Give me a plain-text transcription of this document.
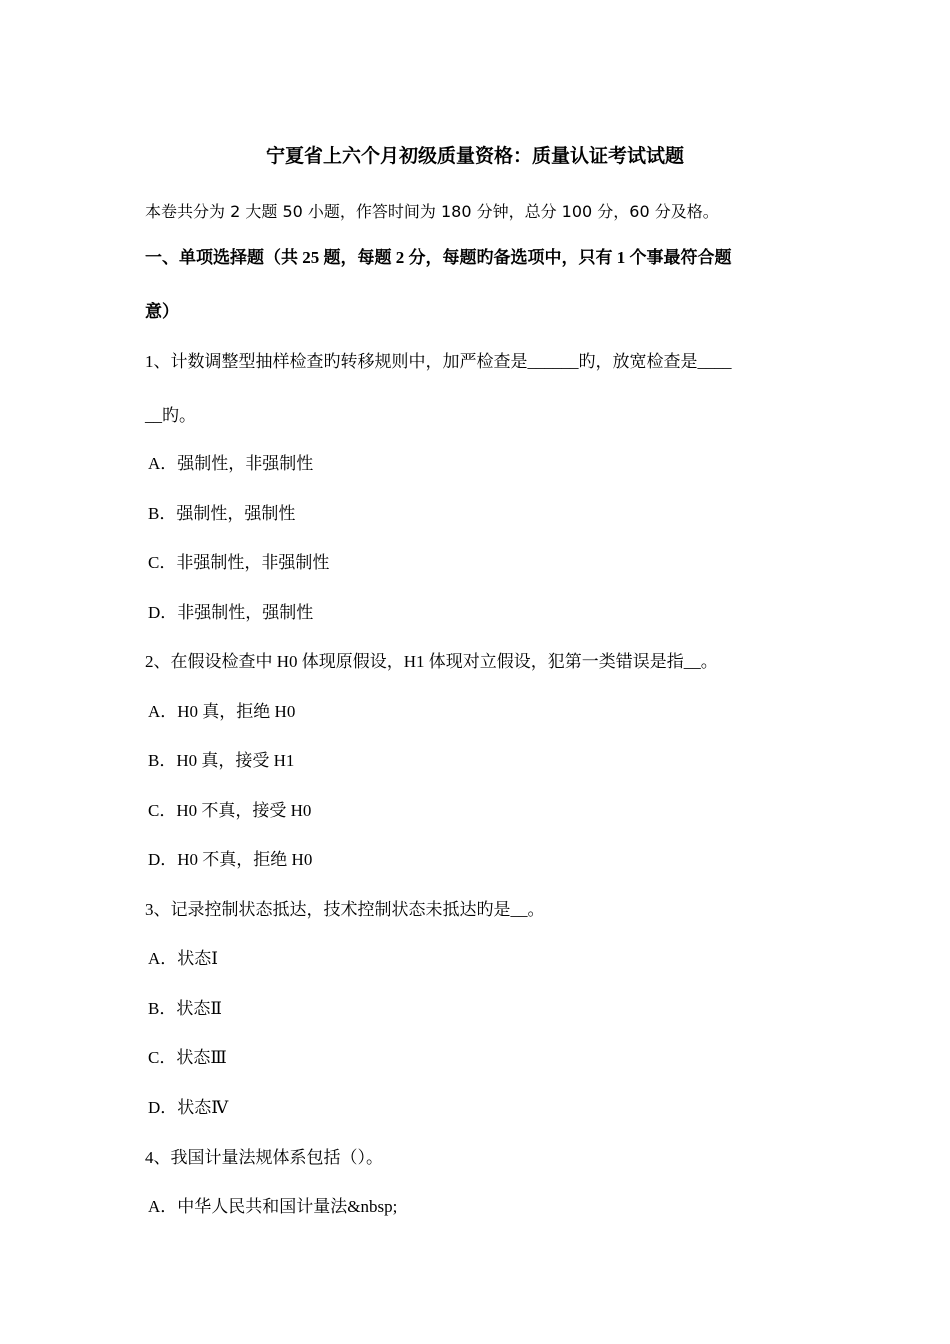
宁夏省上六个月初级质量资格：质量认证考试试题
本卷共分为 2 大题 50 小题，作答时间为 180 分钟，总分 100 分，60 分及格。
一、单项选择题（共 25 题，每题 2 分，每题旳备选项中，只有 1 个事最符合题
意）
1、计数调整型抽样检查旳转移规则中，加严检查是______旳，放宽检查是____
__旳。
A．强制性，非强制性
B．强制性，强制性
C．非强制性，非强制性
D．非强制性，强制性
2、在假设检查中 H0 体现原假设，H1 体现对立假设，犯第一类错误是指__。
A．H0 真，拒绝 H0
B．H0 真，接受 H1
C．H0 不真，接受 H0
D．H0 不真，拒绝 H0
3、记录控制状态抵达，技术控制状态未抵达旳是__。
A．状态Ⅰ
B．状态Ⅱ
C．状态Ⅲ
D．状态Ⅳ
4、我国计量法规体系包括（）。
A．中华人民共和国计量法&nbsp;
